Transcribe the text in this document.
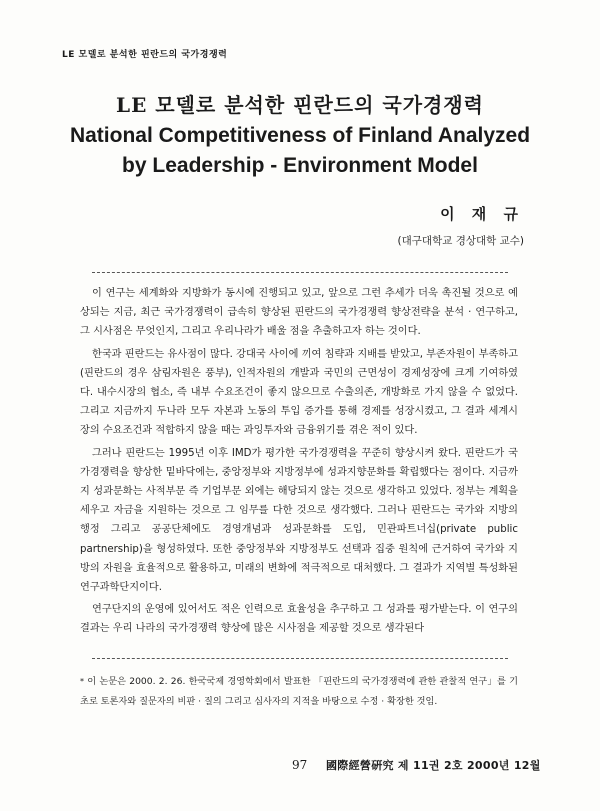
LE 모델로 분석한 핀란드의 국가경쟁력
LE 모델로 분석한 핀란드의 국가경쟁력
National Competitiveness of Finland Analyzed
by Leadership - Environment Model
이 재 규
(대구대학교 경상대학 교수)

이 연구는 세계화와 지방화가 동시에 진행되고 있고, 앞으로 그런 추세가 더욱 촉진될 것으로 예상되는 지금, 최근 국가경쟁력이 급속히 향상된 핀란드의 국가경쟁력 향상전략을 분석 · 연구하고, 그 시사점은 무엇인지, 그리고 우리나라가 배울 점을 추출하고자 하는 것이다.

한국과 핀란드는 유사점이 많다. 강대국 사이에 끼여 침략과 지배를 받았고, 부존자원이 부족하고(핀란드의 경우 삼림자원은 풍부), 인적자원의 개발과 국민의 근면성이 경제성장에 크게 기여하였다. 내수시장의 협소, 즉 내부 수요조건이 좋지 않으므로 수출의존, 개방화로 가지 않을 수 없었다. 그리고 지금까지 두나라 모두 자본과 노동의 투입 증가를 통해 경제를 성장시켰고, 그 결과 세계시장의 수요조건과 적합하지 않을 때는 과잉투자와 금융위기를 겪은 적이 있다.

그러나 핀란드는 1995년 이후 IMD가 평가한 국가경쟁력을 꾸준히 향상시켜 왔다. 핀란드가 국가경쟁력을 향상한 밑바닥에는, 중앙정부와 지방정부에 성과지향문화를 확립했다는 점이다. 지금까지 성과문화는 사적부문 즉 기업부문 외에는 해당되지 않는 것으로 생각하고 있었다. 정부는 계획을 세우고 자금을 지원하는 것으로 그 임무를 다한 것으로 생각했다. 그러나 핀란드는 국가와 지방의 행정 그리고 공공단체에도 경영개념과 성과문화를 도입, 민관파트너십(private public partnership)을 형성하였다. 또한 중앙정부와 지방정부도 선택과 집중 원칙에 근거하여 국가와 지방의 자원을 효율적으로 활용하고, 미래의 변화에 적극적으로 대처했다. 그 결과가 지역별 특성화된 연구과학단지이다.

연구단지의 운영에 있어서도 적은 인력으로 효율성을 추구하고 그 성과를 평가받는다. 이 연구의 결과는 우리 나라의 국가경쟁력 향상에 많은 시사점을 제공할 것으로 생각된다

* 이 논문은 2000. 2. 26. 한국국제 경영학회에서 발표한 「핀란드의 국가경쟁력에 관한 관찰적 연구」를 기초로 토론자와 질문자의 비판 · 질의 그리고 심사자의 지적을 바탕으로 수정 · 확장한 것임.
97 國際經營硏究 제 11권 2호 2000년 12월
